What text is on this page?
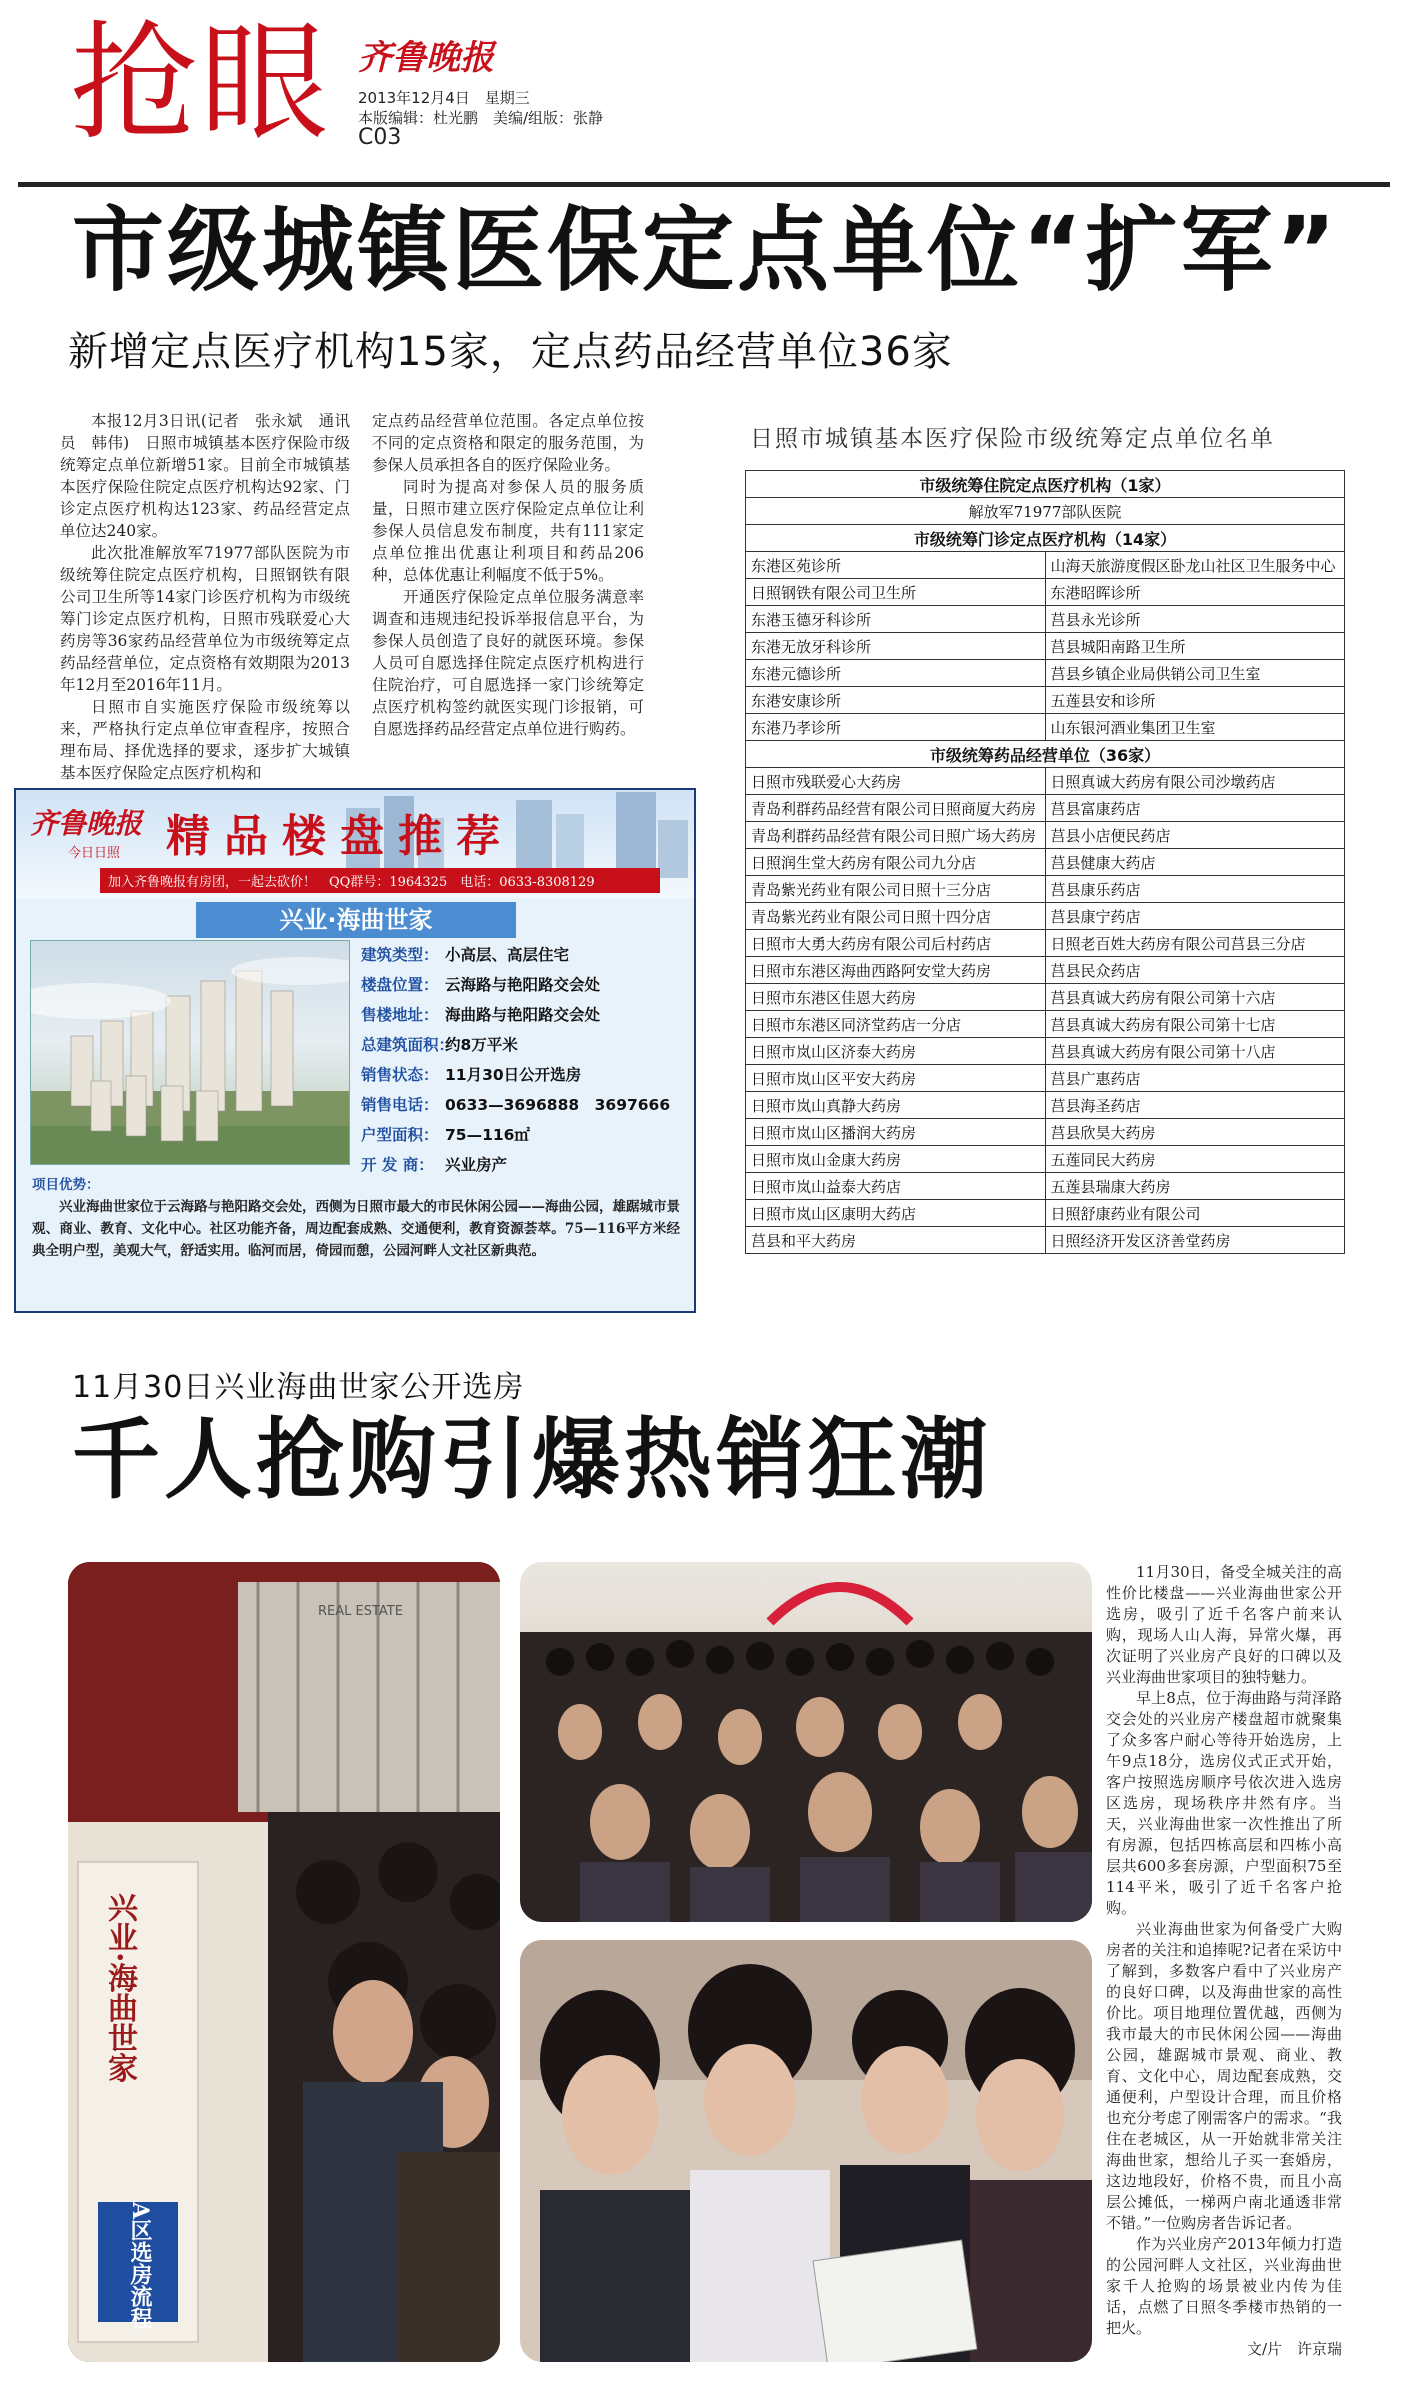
抢眼 齐鲁晚报
2013年12月4日　星期三
本版编辑：杜光鹏　美编/组版：张静
C03
市级城镇医保定点单位“扩军”
新增定点医疗机构15家，定点药品经营单位36家

本报12月3日讯(记者　张永斌　通讯员　韩伟)　日照市城镇基本医疗保险市级统筹定点单位新增51家。目前全市城镇基本医疗保险住院定点医疗机构达92家、门诊定点医疗机构达123家、药品经营定点单位达240家。

此次批准解放军71977部队医院为市级统筹住院定点医疗机构，日照钢铁有限公司卫生所等14家门诊医疗机构为市级统筹门诊定点医疗机构，日照市残联爱心大药房等36家药品经营单位为市级统筹定点药品经营单位，定点资格有效期限为2013年12月至2016年11月。

日照市自实施医疗保险市级统筹以来，严格执行定点单位审查程序，按照合理布局、择优选择的要求，逐步扩大城镇基本医疗保险定点医疗机构和

定点药品经营单位范围。各定点单位按不同的定点资格和限定的服务范围，为参保人员承担各自的医疗保险业务。

同时为提高对参保人员的服务质量，日照市建立医疗保险定点单位让利参保人员信息发布制度，共有111家定点单位推出优惠让利项目和药品206种，总体优惠让利幅度不低于5%。

开通医疗保险定点单位服务满意率调查和违规违纪投诉举报信息平台，为参保人员创造了良好的就医环境。参保人员可自愿选择住院定点医疗机构进行住院治疗，可自愿选择一家门诊统筹定点医疗机构签约就医实现门诊报销，可自愿选择药品经营定点单位进行购药。

日照市城镇基本医疗保险市级统筹定点单位名单
市级统筹住院定点医疗机构（1家）	
解放军71977部队医院	
市级统筹门诊定点医疗机构（14家）	
东港区苑诊所	山海天旅游度假区卧龙山社区卫生服务中心
日照钢铁有限公司卫生所	东港昭晖诊所
东港玉德牙科诊所	莒县永光诊所
东港无放牙科诊所	莒县城阳南路卫生所
东港元德诊所	莒县乡镇企业局供销公司卫生室
东港安康诊所	五莲县安和诊所
东港乃孝诊所	山东银河酒业集团卫生室
市级统筹药品经营单位（36家）	
日照市残联爱心大药房	日照真诚大药房有限公司沙墩药店
青岛利群药品经营有限公司日照商厦大药房	莒县富康药店
青岛利群药品经营有限公司日照广场大药房	莒县小店便民药店
日照润生堂大药房有限公司九分店	莒县健康大药店
青岛紫光药业有限公司日照十三分店	莒县康乐药店
青岛紫光药业有限公司日照十四分店	莒县康宁药店
日照市大勇大药房有限公司后村药店	日照老百姓大药房有限公司莒县三分店
日照市东港区海曲西路阿安堂大药房	莒县民众药店
日照市东港区佳恩大药房	莒县真诚大药房有限公司第十六店
日照市东港区同济堂药店一分店	莒县真诚大药房有限公司第十七店
日照市岚山区济泰大药房	莒县真诚大药房有限公司第十八店
日照市岚山区平安大药房	莒县广惠药店
日照市岚山真静大药房	莒县海圣药店
日照市岚山区播润大药房	莒县欣昊大药房
日照市岚山金康大药房	五莲同民大药房
日照市岚山益泰大药店	五莲县瑞康大药房
日照市岚山区康明大药店	日照舒康药业有限公司
莒县和平大药房	日照经济开发区济善堂药房
齐鲁晚报
今日日照 精品楼盘推荐
加入齐鲁晚报有房团，一起去砍价！　QQ群号：1964325　电话：0633-8308129
兴业·海曲世家
建筑类型： 小高层、高层住宅
楼盘位置： 云海路与艳阳路交会处
售楼地址： 海曲路与艳阳路交会处
总建筑面积：约8万平米
销售状态： 11月30日公开选房
销售电话： 0633—3696888　3697666
户型面积： 75—116㎡
开 发 商： 兴业房产
项目优势：

兴业海曲世家位于云海路与艳阳路交会处，西侧为日照市最大的市民休闲公园——海曲公园，雄踞城市景观、商业、教育、文化中心。社区功能齐备，周边配套成熟、交通便利，教育资源荟萃。75—116平方米经典全明户型，美观大气，舒适实用。临河而居，倚园而憩，公园河畔人文社区新典范。
11月30日兴业海曲世家公开选房
千人抢购引爆热销狂潮
兴业·海曲世家
A区选房流程
REAL ESTATE

11月30日，备受全城关注的高性价比楼盘——兴业海曲世家公开选房，吸引了近千名客户前来认购，现场人山人海，异常火爆，再次证明了兴业房产良好的口碑以及兴业海曲世家项目的独特魅力。

早上8点，位于海曲路与菏泽路交会处的兴业房产楼盘超市就聚集了众多客户耐心等待开始选房，上午9点18分，选房仪式正式开始，客户按照选房顺序号依次进入选房区选房，现场秩序井然有序。当天，兴业海曲世家一次性推出了所有房源，包括四栋高层和四栋小高层共600多套房源，户型面积75至114平米，吸引了近千名客户抢购。

兴业海曲世家为何备受广大购房者的关注和追捧呢?记者在采访中了解到，多数客户看中了兴业房产的良好口碑，以及海曲世家的高性价比。项目地理位置优越，西侧为我市最大的市民休闲公园——海曲公园，雄踞城市景观、商业、教育、文化中心，周边配套成熟，交通便利，户型设计合理，而且价格也充分考虑了刚需客户的需求。“我住在老城区，从一开始就非常关注海曲世家，想给儿子买一套婚房，这边地段好，价格不贵，而且小高层公摊低，一梯两户南北通透非常不错。”一位购房者告诉记者。

作为兴业房产2013年倾力打造的公园河畔人文社区，兴业海曲世家千人抢购的场景被业内传为佳话，点燃了日照冬季楼市热销的一把火。

文/片　许京瑞
